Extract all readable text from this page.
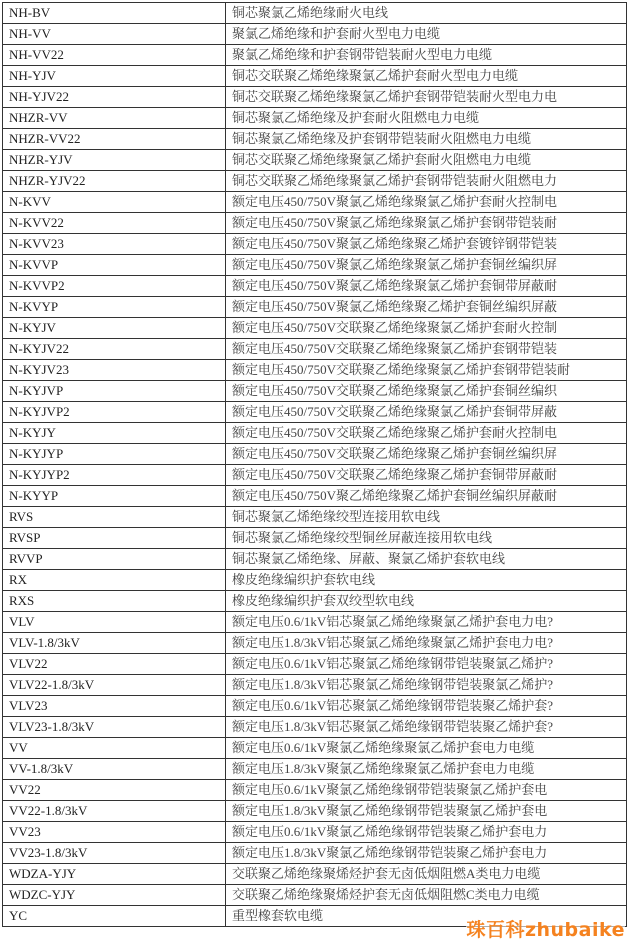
NH-BV	铜芯聚氯乙烯绝缘耐火电线
NH-VV	聚氯乙烯绝缘和护套耐火型电力电缆
NH-VV22	聚氯乙烯绝缘和护套钢带铠装耐火型电力电缆
NH-YJV	铜芯交联聚乙烯绝缘聚氯乙烯护套耐火型电力电缆
NH-YJV22	铜芯交联聚乙烯绝缘聚氯乙烯护套钢带铠装耐火型电力电
NHZR-VV	铜芯聚氯乙烯绝缘及护套耐火阻燃电力电缆
NHZR-VV22	铜芯聚氯乙烯绝缘及护套钢带铠装耐火阻燃电力电缆
NHZR-YJV	铜芯交联聚乙烯绝缘聚氯乙烯护套耐火阻燃电力电缆
NHZR-YJV22	铜芯交联聚乙烯绝缘聚氯乙烯护套钢带铠装耐火阻燃电力
N-KVV	额定电压450/750V聚氯乙烯绝缘聚氯乙烯护套耐火控制电
N-KVV22	额定电压450/750V聚氯乙烯绝缘聚氯乙烯护套钢带铠装耐
N-KVV23	额定电压450/750V聚氯乙烯绝缘聚乙烯护套镀锌钢带铠装
N-KVVP	额定电压450/750V聚氯乙烯绝缘聚氯乙烯护套铜丝编织屏
N-KVVP2	额定电压450/750V聚氯乙烯绝缘聚氯乙烯护套铜带屏蔽耐
N-KVYP	额定电压450/750V聚氯乙烯绝缘聚乙烯护套铜丝编织屏蔽
N-KYJV	额定电压450/750V交联聚乙烯绝缘聚氯乙烯护套耐火控制
N-KYJV22	额定电压450/750V交联聚乙烯绝缘聚氯乙烯护套钢带铠装
N-KYJV23	额定电压450/750V交联聚乙烯绝缘聚氯乙烯护套钢带铠装耐
N-KYJVP	额定电压450/750V交联聚乙烯绝缘聚氯乙烯护套铜丝编织
N-KYJVP2	额定电压450/750V交联聚乙烯绝缘聚氯乙烯护套铜带屏蔽
N-KYJY	额定电压450/750V交联聚乙烯绝缘聚乙烯护套耐火控制电
N-KYJYP	额定电压450/750V交联聚乙烯绝缘聚乙烯护套铜丝编织屏
N-KYJYP2	额定电压450/750V交联聚乙烯绝缘聚乙烯护套铜带屏蔽耐
N-KYYP	额定电压450/750V聚乙烯绝缘聚乙烯护套铜丝编织屏蔽耐
RVS	铜芯聚氯乙烯绝缘绞型连接用软电线
RVSP	铜芯聚氯乙烯绝缘绞型铜丝屏蔽连接用软电线
RVVP	铜芯聚氯乙烯绝缘、屏蔽、聚氯乙烯护套软电线
RX	橡皮绝缘编织护套软电线
RXS	橡皮绝缘编织护套双绞型软电线
VLV	额定电压0.6/1kV铝芯聚氯乙烯绝缘聚氯乙烯护套电力电?
VLV-1.8/3kV	额定电压1.8/3kV铝芯聚氯乙烯绝缘聚氯乙烯护套电力电?
VLV22	额定电压0.6/1kV铝芯聚氯乙烯绝缘钢带铠装聚氯乙烯护?
VLV22-1.8/3kV	额定电压1.8/3kV铝芯聚氯乙烯绝缘钢带铠装聚氯乙烯护?
VLV23	额定电压0.6/1kV铝芯聚氯乙烯绝缘钢带铠装聚乙烯护套?
VLV23-1.8/3kV	额定电压1.8/3kV铝芯聚氯乙烯绝缘钢带铠装聚乙烯护套?
VV	额定电压0.6/1kV聚氯乙烯绝缘聚氯乙烯护套电力电缆
VV-1.8/3kV	额定电压1.8/3kV聚氯乙烯绝缘聚氯乙烯护套电力电缆
VV22	额定电压0.6/1kV聚氯乙烯绝缘钢带铠装聚氯乙烯护套电
VV22-1.8/3kV	额定电压1.8/3kV聚氯乙烯绝缘钢带铠装聚氯乙烯护套电
VV23	额定电压0.6/1kV聚氯乙烯绝缘钢带铠装聚乙烯护套电力
VV23-1.8/3kV	额定电压1.8/3kV聚氯乙烯绝缘钢带铠装聚乙烯护套电力
WDZA-YJY	交联聚乙烯绝缘聚烯烃护套无卤低烟阻燃A类电力电缆
WDZC-YJY	交联聚乙烯绝缘聚烯烃护套无卤低烟阻燃C类电力电缆
YC	重型橡套软电缆
珠百科zhubaike
